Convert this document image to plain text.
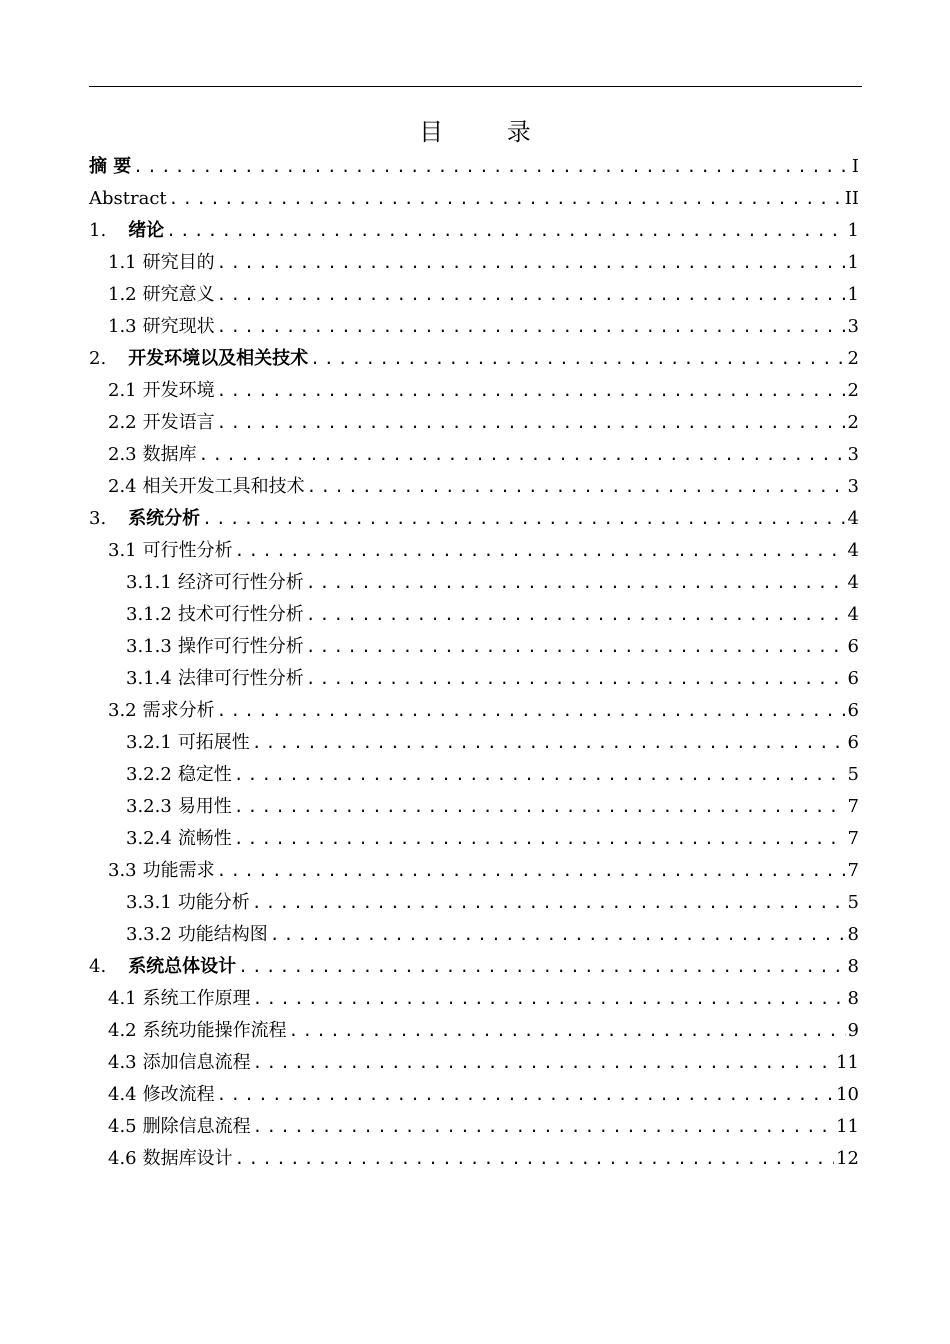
目 录
摘 要 .....	I
Abstract .....	II
1. 绪论 .....	1
1.1 研究目的 .....	1
1.2 研究意义 .....	1
1.3 研究现状 .....	3
2. 开发环境以及相关技术 .....	2
2.1 开发环境 .....	2
2.2 开发语言 .....	2
2.3 数据库 .....	3
2.4 相关开发工具和技术 .....	3
3. 系统分析 .....	4
3.1 可行性分析 .....	4
3.1.1 经济可行性分析 .....	4
3.1.2 技术可行性分析 .....	4
3.1.3 操作可行性分析 .....	6
3.1.4 法律可行性分析 .....	6
3.2 需求分析 .....	6
3.2.1 可拓展性 .....	6
3.2.2 稳定性 .....	5
3.2.3 易用性 .....	7
3.2.4 流畅性 .....	7
3.3 功能需求 .....	7
3.3.1 功能分析 .....	5
3.3.2 功能结构图 .....	8
4. 系统总体设计 .....	8
4.1 系统工作原理 .....	8
4.2 系统功能操作流程 .....	9
4.3 添加信息流程 .....	11
4.4 修改流程 .....	10
4.5 删除信息流程 .....	11
4.6 数据库设计 .....	12
